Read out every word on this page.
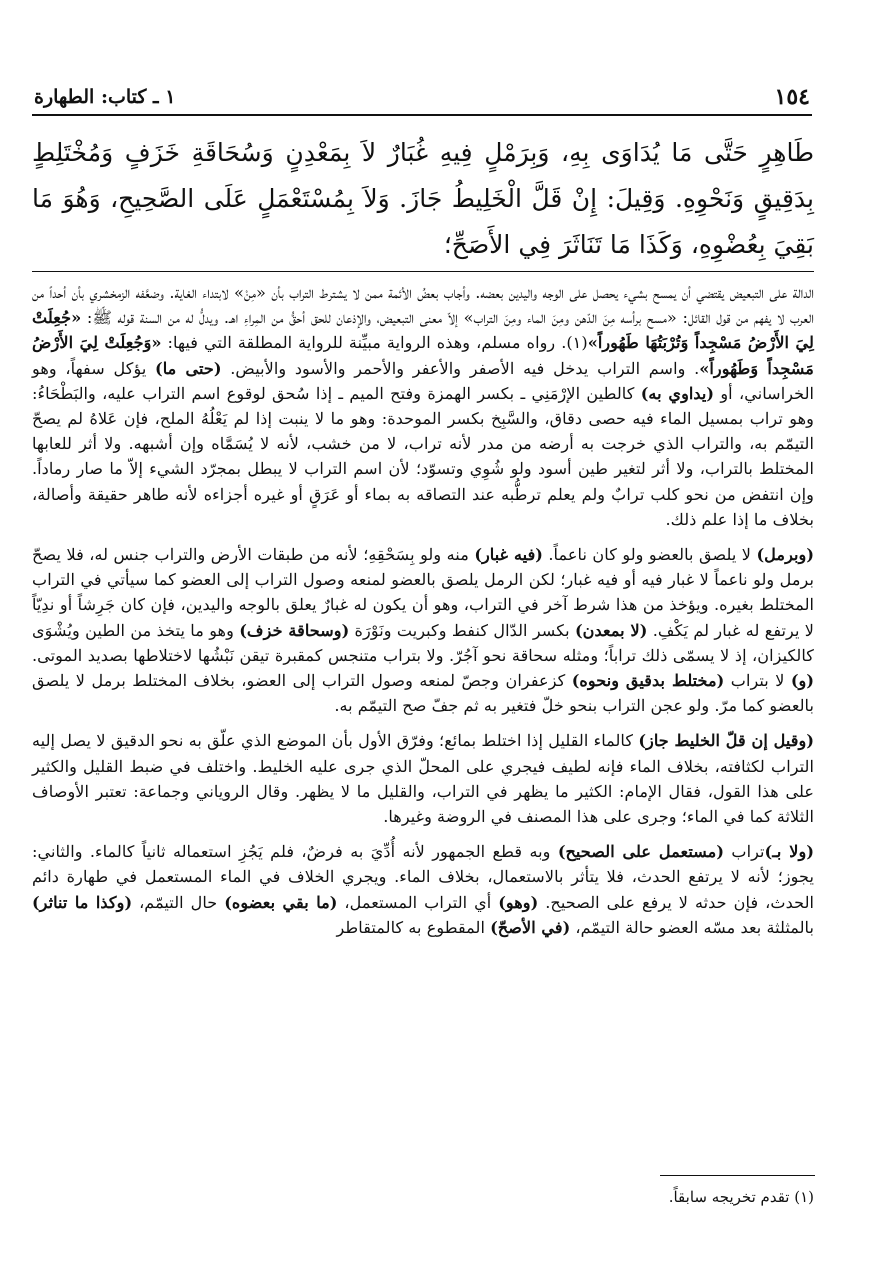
١٥٤
١ ـ كتاب: الطهارة
طَاهِرٍ حَتَّى مَا يُدَاوَى بِهِ، وَبِرَمْلٍ فِيهِ غُبَارٌ لاَ بِمَعْدِنٍ وَسُحَاقَةِ خَزَفٍ وَمُخْتَلِطٍ بِدَقِيقٍ وَنَحْوِهِ. وَقِيلَ: إِنْ قَلَّ الْخَلِيطُ جَازَ. وَلاَ بِمُسْتَعْمَلٍ عَلَى الصَّحِيحِ، وَهُوَ مَا بَقِيَ بِعُضْوِهِ، وَكَذَا مَا تَنَاثَرَ فِي الأَصَحِّ؛

الدالة على التبعيض يقتضي أن يمسح بشيء يحصل على الوجه واليدين بعضه. وأجاب بعضُ الأئمة ممن لا يشترط التراب بأن «مِنْ» لابتداء الغاية. وضعَّفه الزمخشري بأن أحداً من العرب لا يفهم من قول القائل: «مسح برأسه مِنَ الدّهن ومِنَ الماء ومِنَ التراب» إلاّ معنى التبعيض، والإذعان للحق أحقُّ من المِراءِ اهـ. ويدلُّ له من السنة قوله ﷺ: «جُعِلَتْ لِيَ الأَرْضُ مَسْجِداً وَتُرْبَتُهَا طَهُوراً»(١). رواه مسلم، وهذه الرواية مبيِّنة للرواية المطلقة التي فيها: «وَجُعِلَتْ لِيَ الأَرْضُ مَسْجِداً وَطَهُوراً». واسم التراب يدخل فيه الأصفر والأعفر والأحمر والأسود والأبيض. (حتى ما) يؤكل سفهاً، وهو الخراساني، أو (يداوي به) كالطين الإرْمَنِي ـ بكسر الهمزة وفتح الميم ـ إذا سُحق لوقوع اسم التراب عليه، والبَطْحَاءُ: وهو تراب بمسيل الماء فيه حصى دقاق، والسَّبِخ بكسر الموحدة: وهو ما لا ينبت إذا لم يَعْلُهُ الملح، فإن عَلاهُ لم يصحّ التيمّم به، والتراب الذي خرجت به أرضه من مدر لأنه تراب، لا من خشب، لأنه لا يُسَمَّاه وإن أشبهه. ولا أثر للعابها المختلط بالتراب، ولا أثر لتغير طين أسود ولو شُوِي وتسوّد؛ لأن اسم التراب لا يبطل بمجرّد الشيء إلاّ ما صار رماداً. وإن انتفض من نحو كلب ترابٌ ولم يعلم ترطُّبه عند التصاقه به بماء أو عَرَقٍ أو غيره أجزاءه لأنه طاهر حقيقة وأصالة، بخلاف ما إذا علم ذلك.

(وبرمل) لا يلصق بالعضو ولو كان ناعماً. (فيه غبار) منه ولو بِسَحْقِهِ؛ لأنه من طبقات الأرض والتراب جنس له، فلا يصحّ برمل ولو ناعماً لا غبار فيه أو فيه غبار؛ لكن الرمل يلصق بالعضو لمنعه وصول التراب إلى العضو كما سيأتي في التراب المختلط بغيره. ويؤخذ من هذا شرط آخر في التراب، وهو أن يكون له غبارٌ يعلق بالوجه واليدين، فإن كان جَرِشاً أو ندِيّاً لا يرتفع له غبار لم يَكْفِ. (لا بمعدن) بكسر الدّال كنفط وكبريت ونَوْرَة (وسحاقة خزف) وهو ما يتخذ من الطين ويُشْوَى كالكيزان، إذ لا يسمّى ذلك تراباً؛ ومثله سحاقة نحو آجُرّ. ولا بتراب متنجس كمقبرة تيقن نَبْشُها لاختلاطها بصديد الموتى. (و) لا بتراب (مختلط بدقيق ونحوه) كزعفران وجصّ لمنعه وصول التراب إلى العضو، بخلاف المختلط برمل لا يلصق بالعضو كما مرّ. ولو عجن التراب بنحو خلّ فتغير به ثم جفّ صح التيمّم به.

(وقيل إن قلّ الخليط جاز) كالماء القليل إذا اختلط بمائع؛ وفرّق الأول بأن الموضع الذي علّق به نحو الدقيق لا يصل إليه التراب لكثافته، بخلاف الماء فإنه لطيف فيجري على المحلّ الذي جرى عليه الخليط. واختلف في ضبط القليل والكثير على هذا القول، فقال الإمام: الكثير ما يظهر في التراب، والقليل ما لا يظهر. وقال الروياني وجماعة: تعتبر الأوصاف الثلاثة كما في الماء؛ وجرى على هذا المصنف في الروضة وغيرها.

(ولا بـ)تراب (مستعمل على الصحيح) وبه قطع الجمهور لأنه أُدِّيَ به فرضٌ، فلم يَجُزِ استعماله ثانياً كالماء. والثاني: يجوز؛ لأنه لا يرتفع الحدث، فلا يتأثر بالاستعمال، بخلاف الماء. ويجري الخلاف في الماء المستعمل في طهارة دائم الحدث، فإن حدثه لا يرفع على الصحيح. (وهو) أي التراب المستعمل، (ما بقي بعضوه) حال التيمّم، (وكذا ما تناثر) بالمثلثة بعد مسّه العضو حالة التيمّم، (في الأصحّ) المقطوع به كالمتقاطر

(١) تقدم تخريجه سابقاً.
